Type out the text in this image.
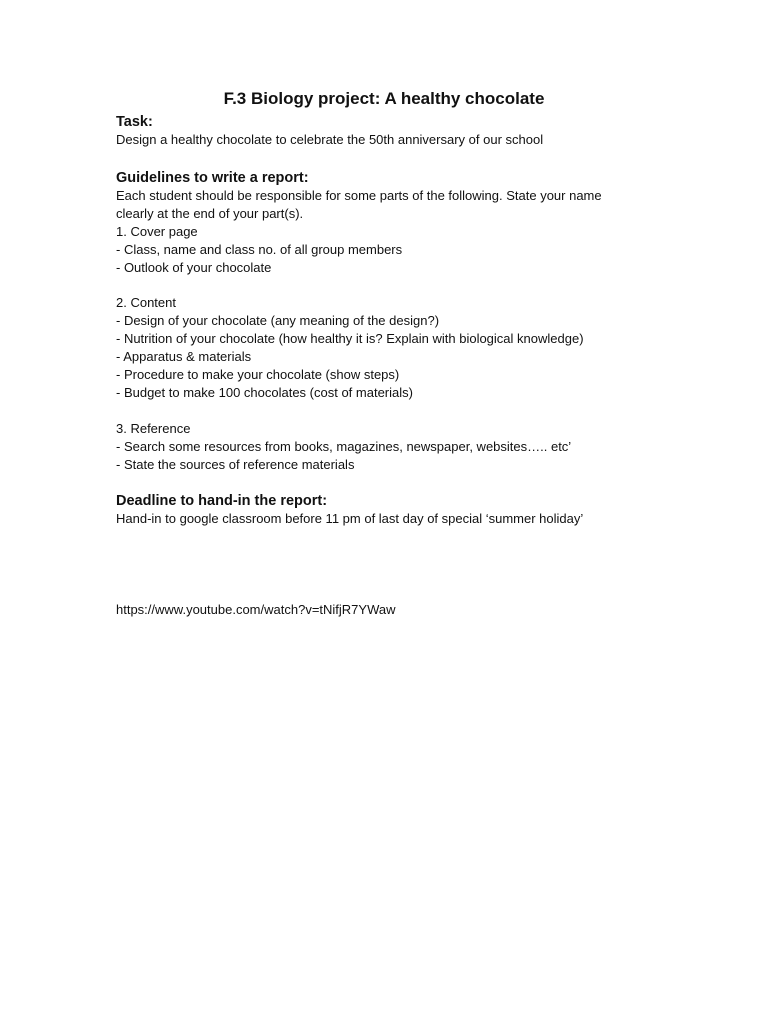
F.3 Biology project: A healthy chocolate
Task:
Design a healthy chocolate to celebrate the 50th anniversary of our school
Guidelines to write a report:
Each student should be responsible for some parts of the following. State your name
clearly at the end of your part(s).
1. Cover page
- Class, name and class no. of all group members
- Outlook of your chocolate
2. Content
- Design of your chocolate (any meaning of the design?)
- Nutrition of your chocolate (how healthy it is? Explain with biological knowledge)
- Apparatus & materials
- Procedure to make your chocolate (show steps)
- Budget to make 100 chocolates (cost of materials)
3. Reference
- Search some resources from books, magazines, newspaper, websites….. etc’
- State the sources of reference materials
Deadline to hand-in the report:
Hand-in to google classroom before 11 pm of last day of special ‘summer holiday’
https://www.youtube.com/watch?v=tNifjR7YWaw
